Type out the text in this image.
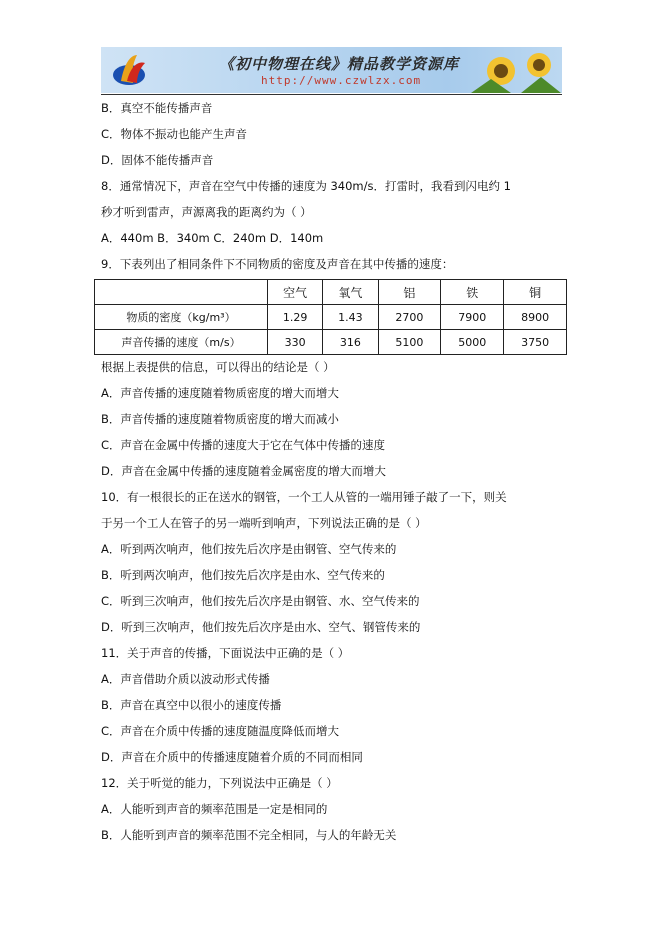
《初中物理在线》精品教学资源库
http://www.czwlzx.com
B．真空不能传播声音
C．物体不振动也能产生声音
D．固体不能传播声音
8．通常情况下，声音在空气中传播的速度为 340m/s．打雷时，我看到闪电约 1
秒才听到雷声，声源离我的距离约为（ ）
A．440m B．340m C．240m D．140m
9．下表列出了相同条件下不同物质的密度及声音在其中传播的速度：
	空气	氧气	铝	铁	铜
物质的密度（kg/m³）	1.29	1.43	2700	7900	8900
声音传播的速度（m/s）	330	316	5100	5000	3750
根据上表提供的信息，可以得出的结论是（ ）
A．声音传播的速度随着物质密度的增大而增大
B．声音传播的速度随着物质密度的增大而减小
C．声音在金属中传播的速度大于它在气体中传播的速度
D．声音在金属中传播的速度随着金属密度的增大而增大
10．有一根很长的正在送水的钢管，一个工人从管的一端用锤子敲了一下，则关
于另一个工人在管子的另一端听到响声，下列说法正确的是（ ）
A．听到两次响声，他们按先后次序是由钢管、空气传来的
B．听到两次响声，他们按先后次序是由水、空气传来的
C．听到三次响声，他们按先后次序是由钢管、水、空气传来的
D．听到三次响声，他们按先后次序是由水、空气、钢管传来的
11．关于声音的传播，下面说法中正确的是（ ）
A．声音借助介质以波动形式传播
B．声音在真空中以很小的速度传播
C．声音在介质中传播的速度随温度降低而增大
D．声音在介质中的传播速度随着介质的不同而相同
12．关于听觉的能力，下列说法中正确是（ ）
A．人能听到声音的频率范围是一定是相同的
B．人能听到声音的频率范围不完全相同，与人的年龄无关
